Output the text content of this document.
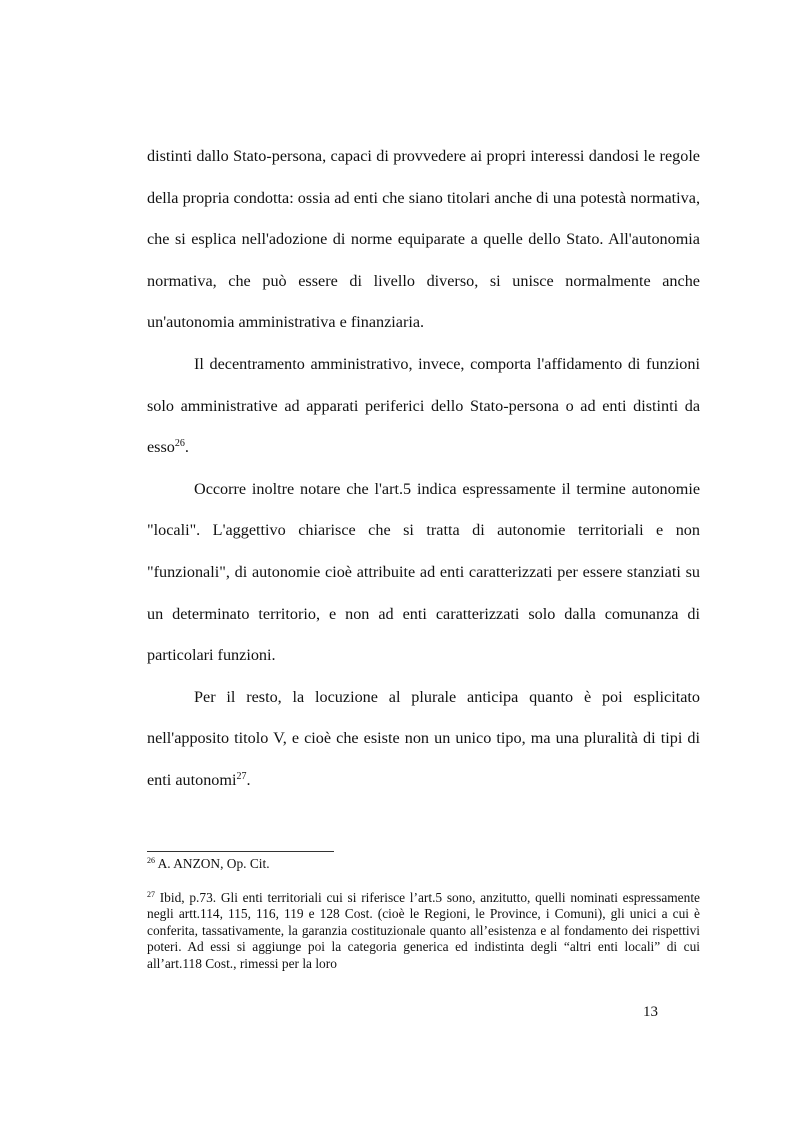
distinti dallo Stato-persona, capaci di provvedere ai propri interessi dandosi le regole della propria condotta: ossia ad enti che siano titolari anche di una potestà normativa, che si esplica nell'adozione di norme equiparate a quelle dello Stato. All'autonomia normativa, che può essere di livello diverso, si unisce normalmente anche un'autonomia amministrativa e finanziaria.

Il decentramento amministrativo, invece, comporta l'affidamento di funzioni solo amministrative ad apparati periferici dello Stato-persona o ad enti distinti da esso$^{26}$.

Occorre inoltre notare che l'art.5 indica espressamente il termine autonomie "locali". L'aggettivo chiarisce che si tratta di autonomie territoriali e non "funzionali", di autonomie cioè attribuite ad enti caratterizzati per essere stanziati su un determinato territorio, e non ad enti caratterizzati solo dalla comunanza di particolari funzioni.

Per il resto, la locuzione al plurale anticipa quanto è poi esplicitato nell'apposito titolo V, e cioè che esiste non un unico tipo, ma una pluralità di tipi di enti autonomi$^{27}$.

$^{26}$ A. ANZON, Op. Cit.

$^{27}$ Ibid, p.73. Gli enti territoriali cui si riferisce l’art.5 sono, anzitutto, quelli nominati espressamente negli artt.114, 115, 116, 119 e 128 Cost. (cioè le Regioni, le Province, i Comuni), gli unici a cui è conferita, tassativamente, la garanzia costituzionale quanto all’esistenza e al fondamento dei rispettivi poteri. Ad essi si aggiunge poi la categoria generica ed indistinta degli “altri enti locali” di cui all’art.118 Cost., rimessi per la loro

13
